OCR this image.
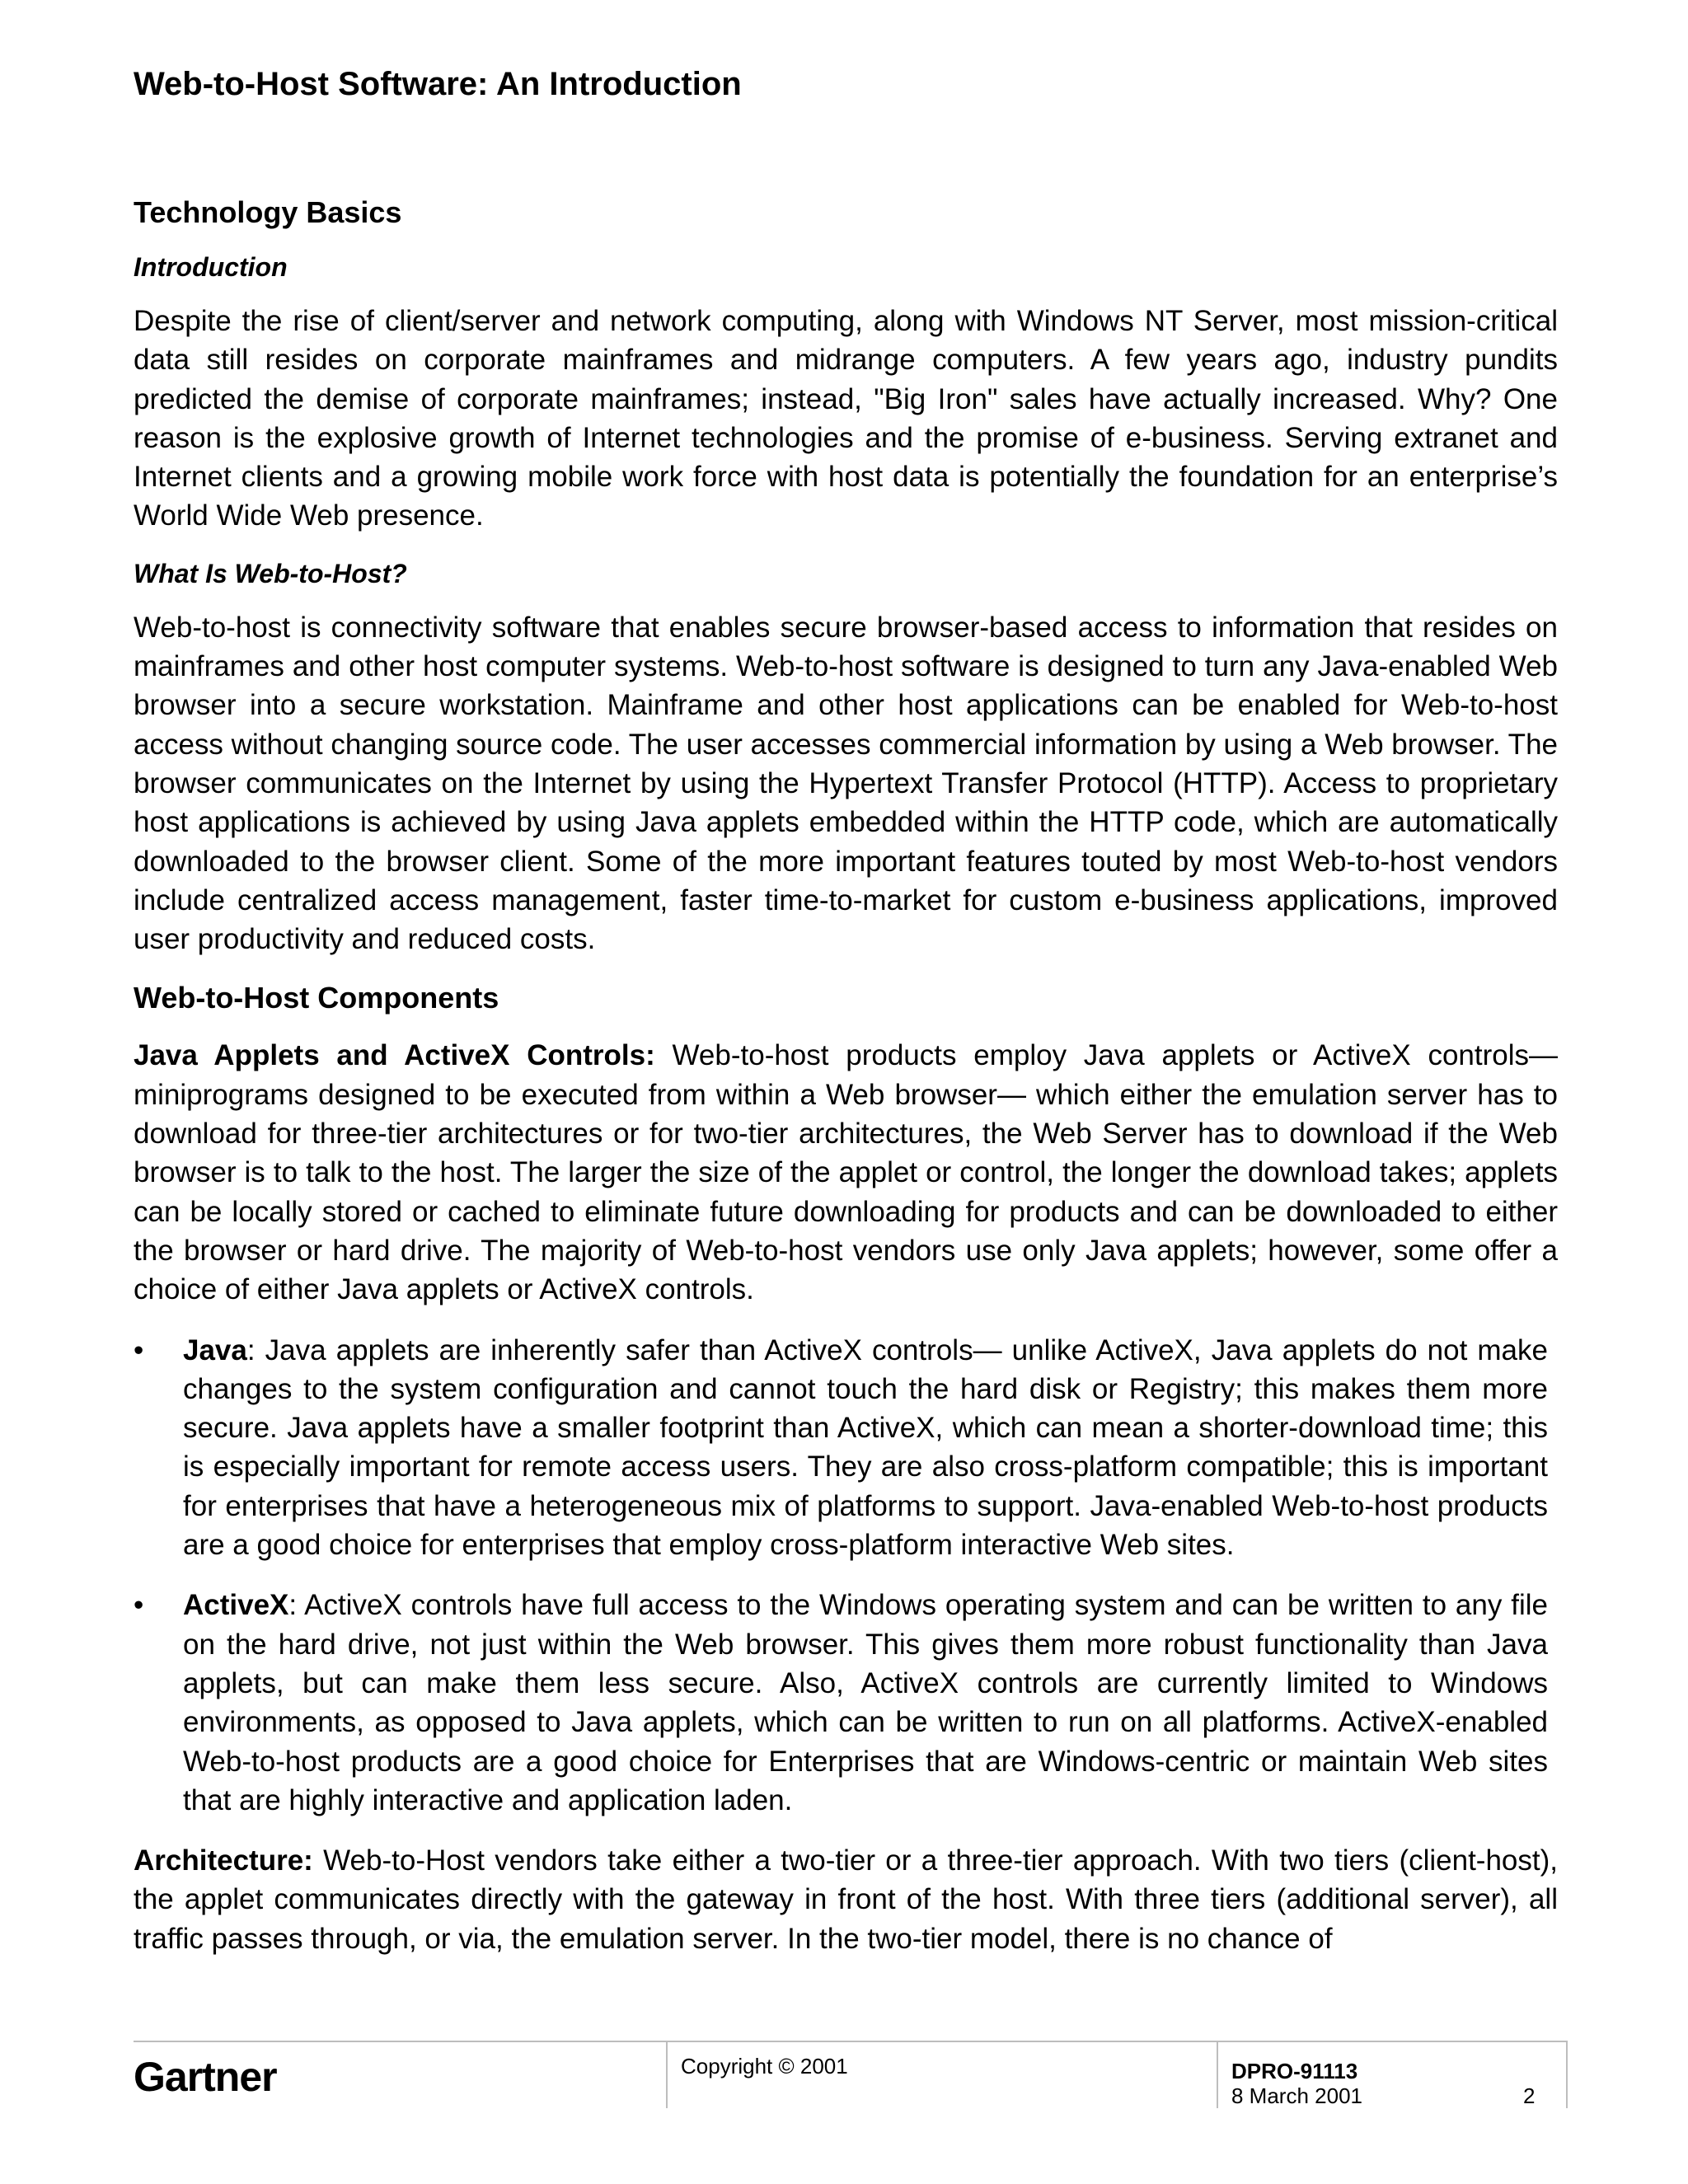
Web-to-Host Software: An Introduction
Technology Basics
Introduction

Despite the rise of client/server and network computing, along with Windows NT Server, most mission-critical data still resides on corporate mainframes and midrange computers. A few years ago, industry pundits predicted the demise of corporate mainframes; instead, "Big Iron" sales have actually increased. Why? One reason is the explosive growth of Internet technologies and the promise of e-business. Serving extranet and Internet clients and a growing mobile work force with host data is potentially the foundation for an enterprise’s World Wide Web presence.

What Is Web-to-Host?

Web-to-host is connectivity software that enables secure browser-based access to information that resides on mainframes and other host computer systems. Web-to-host software is designed to turn any Java-enabled Web browser into a secure workstation. Mainframe and other host applications can be enabled for Web-to-host access without changing source code. The user accesses commercial information by using a Web browser. The browser communicates on the Internet by using the Hypertext Transfer Protocol (HTTP). Access to proprietary host applications is achieved by using Java applets embedded within the HTTP code, which are automatically downloaded to the browser client. Some of the more important features touted by most Web-to-host vendors include centralized access management, faster time-to-market for custom e-business applications, improved user productivity and reduced costs.

Web-to-Host Components

Java Applets and ActiveX Controls: Web-to-host products employ Java applets or ActiveX controls— miniprograms designed to be executed from within a Web browser— which either the emulation server has to download for three-tier architectures or for two-tier architectures, the Web Server has to download if the Web browser is to talk to the host. The larger the size of the applet or control, the longer the download takes; applets can be locally stored or cached to eliminate future downloading for products and can be downloaded to either the browser or hard drive. The majority of Web-to-host vendors use only Java applets; however, some offer a choice of either Java applets or ActiveX controls.

• Java: Java applets are inherently safer than ActiveX controls— unlike ActiveX, Java applets do not make changes to the system configuration and cannot touch the hard disk or Registry; this makes them more secure. Java applets have a smaller footprint than ActiveX, which can mean a shorter-download time; this is especially important for remote access users. They are also cross-platform compatible; this is important for enterprises that have a heterogeneous mix of platforms to support. Java-enabled Web-to-host products are a good choice for enterprises that employ cross-platform interactive Web sites.
• ActiveX: ActiveX controls have full access to the Windows operating system and can be written to any file on the hard drive, not just within the Web browser. This gives them more robust functionality than Java applets, but can make them less secure. Also, ActiveX controls are currently limited to Windows environments, as opposed to Java applets, which can be written to run on all platforms. ActiveX-enabled Web-to-host products are a good choice for Enterprises that are Windows-centric or maintain Web sites that are highly interactive and application laden.

Architecture: Web-to-Host vendors take either a two-tier or a three-tier approach. With two tiers (client-host), the applet communicates directly with the gateway in front of the host. With three tiers (additional server), all traffic passes through, or via, the emulation server. In the two-tier model, there is no chance of

Gartner	Copyright © 2001	DPRO-91113
8 March 2001	2
